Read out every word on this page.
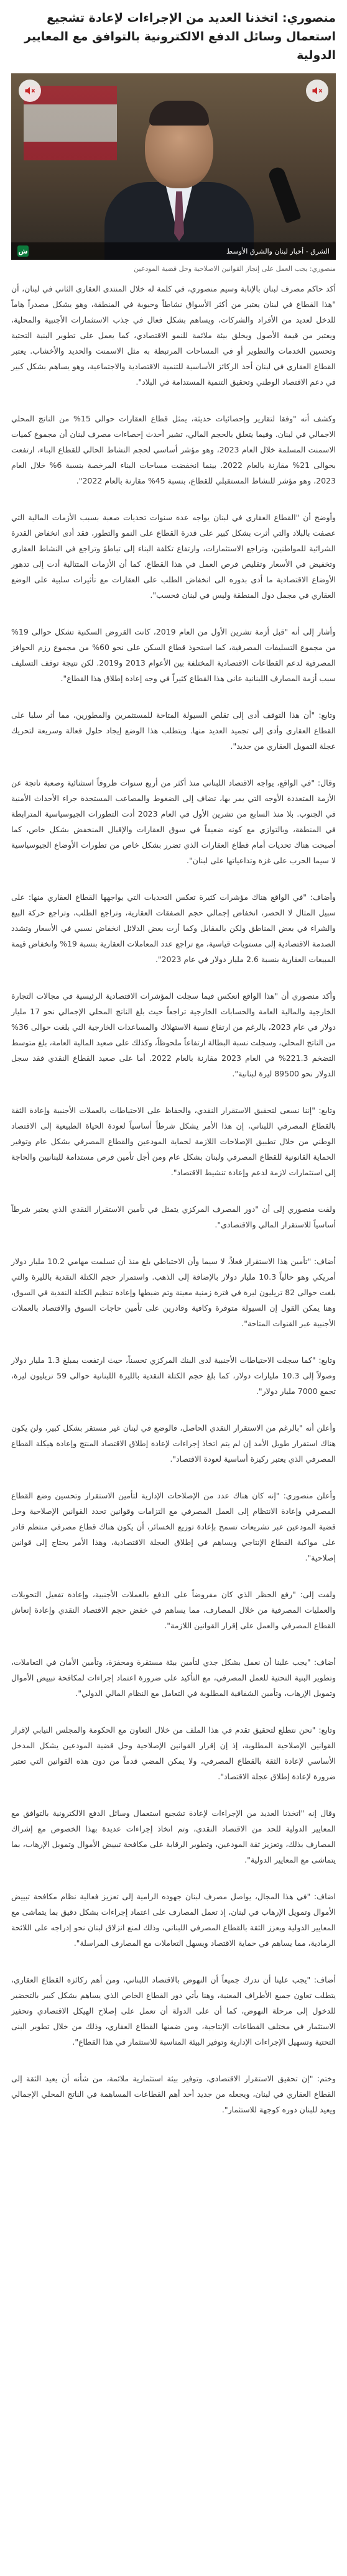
منصوري: اتخذنا العديد من الإجراءات لإعادة تشجيع استعمال وسائل الدفع الالكترونية بالتوافق مع المعايير الدولية
الشرق - أخبار لبنان والشرق الأوسط
ش
منصوري: يجب العمل على إنجاز القوانين الاصلاحية وحل قضية المودعين

أكد حاكم مصرف لبنان بالإنابة وسيم منصوري، في كلمة له خلال المنتدى العقاري الثاني في لبنان، أن "هذا القطاع في لبنان يعتبر من أكثر الأسواق نشاطاً وحيوية في المنطقة، وهو يشكل مصدراً هاماً للدخل لعديد من الأفراد والشركات، ويساهم بشكل فعال في جذب الاستثمارات الأجنبية والمحلية، ويعتبر من قيمة الأصول ويخلق بيئة ملائمة للنمو الاقتصادي، كما يعمل على تطوير البنية التحتية وتحسين الخدمات والتطوير أو في المساحات المرتبطة به مثل الاسمنت والحديد والأخشاب. يعتبر القطاع العقاري في لبنان أحد الركائز الأساسية للتنمية الاقتصادية والاجتماعية، وهو يساهم بشكل كبير في دعم الاقتصاد الوطني وتحقيق التنمية المستدامة في البلاد".

وكشف أنه "وفقا لتقارير وإحصائيات حديثة، يمثل قطاع العقارات حوالي 15% من الناتج المحلي الاجمالي في لبنان. وفيما يتعلق بالحجم المالي، تشير أحدث إحصاءات مصرف لبنان أن مجموع كميات الاسمنت المسلمة خلال العام 2023، وهو مؤشر أساسي لحجم النشاط الحالي للقطاع البناء، ارتفعت بحوالى 21% مقارنة بالعام 2022. بينما انخفضت مساحات البناء المرخصة بنسبة 6% خلال العام 2023، وهو مؤشر للنشاط المستقبلي للقطاع، بنسبة 45% مقارنة بالعام 2022".

وأوضح أن "القطاع العقاري في لبنان يواجه عدة سنوات تحديات صعبة بسبب الأزمات المالية التي عصفت بالبلاد والتي أثرت بشكل كبير على قدرة القطاع على النمو والتطور، فقد أدى انخفاض القدرة الشرائية للمواطنين، وتراجع الاستثمارات، وارتفاع تكلفة البناء إلى تباطؤ وتراجع في النشاط العقاري وتخفيض في الأسعار وتقليص فرص العمل في هذا القطاع. كما أن الأزمات المتتالية أدت إلى تدهور الأوضاع الاقتصادية ما أدى بدوره الى انخفاض الطلب على العقارات مع تأثيرات سلبية على الوضع العقاري في مجمل دول المنطقة وليس في لبنان فحسب".

وأشار إلى أنه "قبل أزمة تشرين الأول من العام 2019، كانت القروض السكنية تشكل حوالى 19% من مجموع التسليفات المصرفية، كما استحوذ قطاع السكن على نحو 60% من مجموع رزم الحوافز المصرفية لدعم القطاعات الاقتصادية المختلفة بين الأعوام 2013 و2019. لكن نتيجة توقف التسليف سبب أزمة المصارف اللبنانية عانى هذا القطاع كثيراً في وجه إعادة إطلاق هذا القطاع".

وتابع: "أن هذا التوقف أدى إلى تقلص السيولة المتاحة للمستثمرين والمطورين، مما أثر سلبا على القطاع العقاري وأدى إلى تجميد العديد منها. ويتطلب هذا الوضع إيجاد حلول فعالة وسريعة لتحريك عجلة التمويل العقاري من جديد".

وقال: "في الواقع، يواجه الاقتصاد اللبناني منذ أكثر من أربع سنوات ظروفاً استثنائية وصعبة ناتجة عن الأزمة المتعددة الأوجه التي يمر بها، تضاف إلى الضغوط والمصاعب المستجدة جراء الأحداث الأمنية في الجنوب. بلا منذ السابع من تشرين الأول في العام 2023 أدت التطورات الجيوسياسية المترابطة في المنطقة، وبالتوازي مع كونه ضعيفاً في سوق العقارات والإقبال المنخفض بشكل خاص، كما أصبحت هناك تحديات أمام قطاع العقارات الذي تضرر بشكل خاص من تطورات الأوضاع الجيوسياسية لا سيما الحرب على غزة وتداعياتها على لبنان".

وأضاف: "في الواقع هناك مؤشرات كثيرة تعكس التحديات التي يواجهها القطاع العقاري منها: على سبيل المثال لا الحصر، انخفاض إجمالي حجم الصفقات العقارية، وتراجع الطلب، وتراجع حركة البيع والشراء في بعض المناطق ولكن بالمقابل وكما أرت بعض الدلائل انخفاض نسبي في الأسعار وتشدد الصدمة الاقتصادية إلى مستويات قياسية، مع تراجع عدد المعاملات العقارية بنسبة 19% وانخفاض قيمة المبيعات العقارية بنسبة 2.6 مليار دولار في عام 2023".

وأكد منصوري أن "هذا الواقع انعكس فيما سجلت المؤشرات الاقتصادية الرئيسية في مجالات التجارة الخارجية والمالية العامة والحسابات الخارجية تراجعاً حيث بلغ الناتج المحلي الإجمالي نحو 17 مليار دولار في عام 2023، بالرغم من ارتفاع نسبة الاستهلاك والمساعدات الخارجية التي بلغت حوالى 36% من الناتج المحلي، وسجلت نسبة البطالة ارتفاعاً ملحوظاً، وكذلك على صعيد المالية العامة، بلغ متوسط التضخم 221.3% في العام 2023 مقارنة بالعام 2022. أما على صعيد القطاع النقدي فقد سجل الدولار نحو 89500 ليرة لبنانية".

وتابع: "إننا نسعى لتحقيق الاستقرار النقدي، والحفاظ على الاحتياطات بالعملات الأجنبية وإعادة الثقة بالقطاع المصرفي اللبناني، إن هذا الأمر يشكل شرطاً أساسياً لعودة الحياة الطبيعية إلى الاقتصاد الوطني من خلال تطبيق الإصلاحات اللازمة لحماية المودعين والقطاع المصرفي بشكل عام وتوفير الحماية القانونية للقطاع المصرفي ولبنان بشكل عام ومن أجل تأمين فرص مستدامة للبنانيين والحاجة إلى استثمارات لازمة لدعم وإعادة تنشيط الاقتصاد".

ولفت منصوري إلى أن "دور المصرف المركزي يتمثل في تأمين الاستقرار النقدي الذي يعتبر شرطاً أساسياً للاستقرار المالي والاقتصادي".

أضاف: "تأمين هذا الاستقرار فعلاً، لا سيما وأن الاحتياطي بلغ منذ أن تسلمت مهامي 10.2 مليار دولار أمريكي وهو حالياً 10.3 مليار دولار بالإضافة إلى الذهب. واستمرار حجم الكتلة النقدية بالليرة والتي بلغت حوالى 82 تريليون ليرة في فترة زمنية معينة وتم ضبطها وإعادة تنظيم الكتلة النقدية في السوق، وهنا يمكن القول إن السيولة متوفرة وكافية وقادرين على تأمين حاجات السوق والاقتصاد بالعملات الأجنبية عبر القنوات المتاحة".

وتابع: "كما سجلت الاحتياطات الأجنبية لدى البنك المركزي تحسناً، حيث ارتفعت بمبلغ 1.3 مليار دولار وصولاً إلى 10.3 مليارات دولار، كما بلغ حجم الكتلة النقدية بالليرة اللبنانية حوالى 59 تريليون ليرة، تجمع 7000 مليار دولار".

وأعلن أنه "بالرغم من الاستقرار النقدي الحاصل، فالوضع في لبنان غير مستقر بشكل كبير، ولن يكون هناك استقرار طويل الأمد إن لم يتم اتخاذ إجراءات لإعادة إطلاق الاقتصاد المنتج وإعادة هيكلة القطاع المصرفي الذي يعتبر ركيزة أساسية لعودة الاقتصاد".

وأعلن منصوري: "إنه كان هناك عدد من الإصلاحات الإدارية لتأمين الاستقرار وتحسين وضع القطاع المصرفي وإعادة الانتظام إلى العمل المصرفي مع التزامات وقوانين تحدد القوانين الإصلاحية وحل قضية المودعين عبر تشريعات تسمح بإعادة توزيع الخسائر، أن يكون هناك قطاع مصرفي منتظم قادر على مواكبة القطاع الإنتاجي ويساهم في إطلاق العجلة الاقتصادية، وهذا الأمر يحتاج إلى قوانين إصلاحية".

ولفت إلى: "رفع الحظر الذي كان مفروضاً على الدفع بالعملات الأجنبية، وإعادة تفعيل التحويلات والعمليات المصرفية من خلال المصارف، مما يساهم في خفض حجم الاقتصاد النقدي وإعادة إنعاش القطاع المصرفي والعمل على إقرار القوانين اللازمة".

أضاف: "يجب علينا أن نعمل بشكل جدي لتأمين بيئة مستقرة ومحفزة، وتأمين الأمان في التعاملات، وتطوير البنية التحتية للعمل المصرفي، مع التأكيد على ضرورة اعتماد إجراءات لمكافحة تبييض الأموال وتمويل الإرهاب، وتأمين الشفافية المطلوبة في التعامل مع النظام المالي الدولي".

وتابع: "نحن نتطلع لتحقيق تقدم في هذا الملف من خلال التعاون مع الحكومة والمجلس النيابي لإقرار القوانين الإصلاحية المطلوبة، إذ إن إقرار القوانين الإصلاحية وحل قضية المودعين يشكل المدخل الأساسي لإعادة الثقة بالقطاع المصرفي، ولا يمكن المضي قدماً من دون هذه القوانين التي تعتبر ضرورة لإعادة إطلاق عجلة الاقتصاد".

وقال إنه "اتخذنا العديد من الإجراءات لإعادة تشجيع استعمال وسائل الدفع الالكترونية بالتوافق مع المعايير الدولية للحد من الاقتصاد النقدي، وتم اتخاذ إجراءات عديدة بهذا الخصوص مع إشراك المصارف بذلك، وتعزيز ثقة المودعين، وتطوير الرقابة على مكافحة تبييض الأموال وتمويل الإرهاب، بما يتماشى مع المعايير الدولية".

اضاف: "في هذا المجال، يواصل مصرف لبنان جهوده الرامية إلى تعزيز فعالية نظام مكافحة تبييض الأموال وتمويل الإرهاب في لبنان، إذ تعمل المصارف على اعتماد إجراءات بشكل دقيق بما يتماشى مع المعايير الدولية ويعزز الثقة بالقطاع المصرفي اللبناني، وذلك لمنع انزلاق لبنان نحو إدراجه على اللائحة الرمادية، مما يساهم في حماية الاقتصاد ويسهل التعاملات مع المصارف المراسلة".

أضاف: "يجب علينا أن ندرك جميعاً أن النهوض بالاقتصاد اللبناني، ومن أهم ركائزه القطاع العقاري، يتطلب تعاون جميع الأطراف المعنية، وهنا يأتي دور القطاع الخاص الذي يساهم بشكل كبير بالتحضير للدخول إلى مرحلة النهوض، كما أن على الدولة أن تعمل على إصلاح الهيكل الاقتصادي وتحفيز الاستثمار في مختلف القطاعات الإنتاجية، ومن ضمنها القطاع العقاري، وذلك من خلال تطوير البنى التحتية وتسهيل الإجراءات الإدارية وتوفير البيئة المناسبة للاستثمار في هذا القطاع".

وختم: "إن تحقيق الاستقرار الاقتصادي، وتوفير بيئة استثمارية ملائمة، من شأنه أن يعيد الثقة إلى القطاع العقاري في لبنان، ويجعله من جديد أحد أهم القطاعات المساهمة في الناتج المحلي الإجمالي ويعيد للبنان دوره كوجهة للاستثمار".
